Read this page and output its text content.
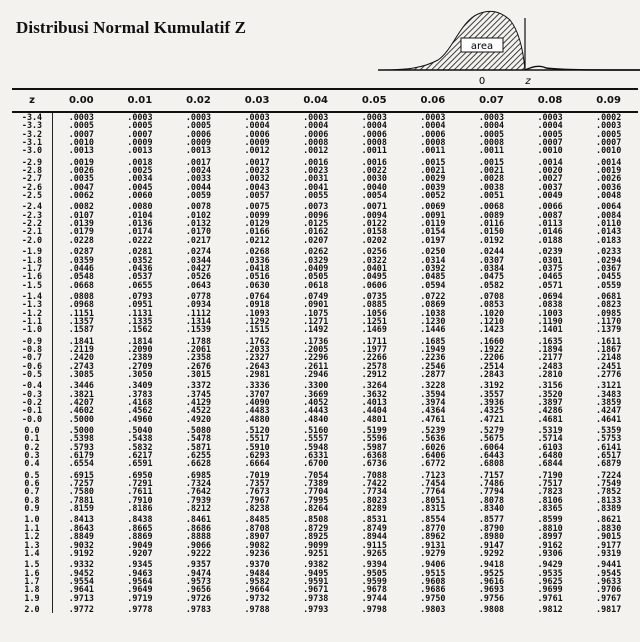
Distribusi Normal Kumulatif Z
area
0	z
z	0.00	0.01	0.02	0.03	0.04	0.05	0.06	0.07	0.08	0.09
-3.4	.0003	.0003	.0003	.0003	.0003	.0003	.0003	.0003	.0003	.0002
-3.3	.0005	.0005	.0005	.0004	.0004	.0004	.0004	.0004	.0004	.0003
-3.2	.0007	.0007	.0006	.0006	.0006	.0006	.0006	.0005	.0005	.0005
-3.1	.0010	.0009	.0009	.0009	.0008	.0008	.0008	.0008	.0007	.0007
-3.0	.0013	.0013	.0013	.0012	.0012	.0011	.0011	.0011	.0010	.0010
-2.9	.0019	.0018	.0017	.0017	.0016	.0016	.0015	.0015	.0014	.0014
-2.8	.0026	.0025	.0024	.0023	.0023	.0022	.0021	.0021	.0020	.0019
-2.7	.0035	.0034	.0033	.0032	.0031	.0030	.0029	.0028	.0027	.0026
-2.6	.0047	.0045	.0044	.0043	.0041	.0040	.0039	.0038	.0037	.0036
-2.5	.0062	.0060	.0059	.0057	.0055	.0054	.0052	.0051	.0049	.0048
-2.4	.0082	.0080	.0078	.0075	.0073	.0071	.0069	.0068	.0066	.0064
-2.3	.0107	.0104	.0102	.0099	.0096	.0094	.0091	.0089	.0087	.0084
-2.2	.0139	.0136	.0132	.0129	.0125	.0122	.0119	.0116	.0113	.0110
-2.1	.0179	.0174	.0170	.0166	.0162	.0158	.0154	.0150	.0146	.0143
-2.0	.0228	.0222	.0217	.0212	.0207	.0202	.0197	.0192	.0188	.0183
-1.9	.0287	.0281	.0274	.0268	.0262	.0256	.0250	.0244	.0239	.0233
-1.8	.0359	.0352	.0344	.0336	.0329	.0322	.0314	.0307	.0301	.0294
-1.7	.0446	.0436	.0427	.0418	.0409	.0401	.0392	.0384	.0375	.0367
-1.6	.0548	.0537	.0526	.0516	.0505	.0495	.0485	.0475	.0465	.0455
-1.5	.0668	.0655	.0643	.0630	.0618	.0606	.0594	.0582	.0571	.0559
-1.4	.0808	.0793	.0778	.0764	.0749	.0735	.0722	.0708	.0694	.0681
-1.3	.0968	.0951	.0934	.0918	.0901	.0885	.0869	.0853	.0838	.0823
-1.2	.1151	.1131	.1112	.1093	.1075	.1056	.1038	.1020	.1003	.0985
-1.1	.1357	.1335	.1314	.1292	.1271	.1251	.1230	.1210	.1190	.1170
-1.0	.1587	.1562	.1539	.1515	.1492	.1469	.1446	.1423	.1401	.1379
-0.9	.1841	.1814	.1788	.1762	.1736	.1711	.1685	.1660	.1635	.1611
-0.8	.2119	.2090	.2061	.2033	.2005	.1977	.1949	.1922	.1894	.1867
-0.7	.2420	.2389	.2358	.2327	.2296	.2266	.2236	.2206	.2177	.2148
-0.6	.2743	.2709	.2676	.2643	.2611	.2578	.2546	.2514	.2483	.2451
-0.5	.3085	.3050	.3015	.2981	.2946	.2912	.2877	.2843	.2810	.2776
-0.4	.3446	.3409	.3372	.3336	.3300	.3264	.3228	.3192	.3156	.3121
-0.3	.3821	.3783	.3745	.3707	.3669	.3632	.3594	.3557	.3520	.3483
-0.2	.4207	.4168	.4129	.4090	.4052	.4013	.3974	.3936	.3897	.3859
-0.1	.4602	.4562	.4522	.4483	.4443	.4404	.4364	.4325	.4286	.4247
-0.0	.5000	.4960	.4920	.4880	.4840	.4801	.4761	.4721	.4681	.4641
0.0	.5000	.5040	.5080	.5120	.5160	.5199	.5239	.5279	.5319	.5359
0.1	.5398	.5438	.5478	.5517	.5557	.5596	.5636	.5675	.5714	.5753
0.2	.5793	.5832	.5871	.5910	.5948	.5987	.6026	.6064	.6103	.6141
0.3	.6179	.6217	.6255	.6293	.6331	.6368	.6406	.6443	.6480	.6517
0.4	.6554	.6591	.6628	.6664	.6700	.6736	.6772	.6808	.6844	.6879
0.5	.6915	.6950	.6985	.7019	.7054	.7088	.7123	.7157	.7190	.7224
0.6	.7257	.7291	.7324	.7357	.7389	.7422	.7454	.7486	.7517	.7549
0.7	.7580	.7611	.7642	.7673	.7704	.7734	.7764	.7794	.7823	.7852
0.8	.7881	.7910	.7939	.7967	.7995	.8023	.8051	.8078	.8106	.8133
0.9	.8159	.8186	.8212	.8238	.8264	.8289	.8315	.8340	.8365	.8389
1.0	.8413	.8438	.8461	.8485	.8508	.8531	.8554	.8577	.8599	.8621
1.1	.8643	.8665	.8686	.8708	.8729	.8749	.8770	.8790	.8810	.8830
1.2	.8849	.8869	.8888	.8907	.8925	.8944	.8962	.8980	.8997	.9015
1.3	.9032	.9049	.9066	.9082	.9099	.9115	.9131	.9147	.9162	.9177
1.4	.9192	.9207	.9222	.9236	.9251	.9265	.9279	.9292	.9306	.9319
1.5	.9332	.9345	.9357	.9370	.9382	.9394	.9406	.9418	.9429	.9441
1.6	.9452	.9463	.9474	.9484	.9495	.9505	.9515	.9525	.9535	.9545
1.7	.9554	.9564	.9573	.9582	.9591	.9599	.9608	.9616	.9625	.9633
1.8	.9641	.9649	.9656	.9664	.9671	.9678	.9686	.9693	.9699	.9706
1.9	.9713	.9719	.9726	.9732	.9738	.9744	.9750	.9756	.9761	.9767
2.0	.9772	.9778	.9783	.9788	.9793	.9798	.9803	.9808	.9812	.9817
